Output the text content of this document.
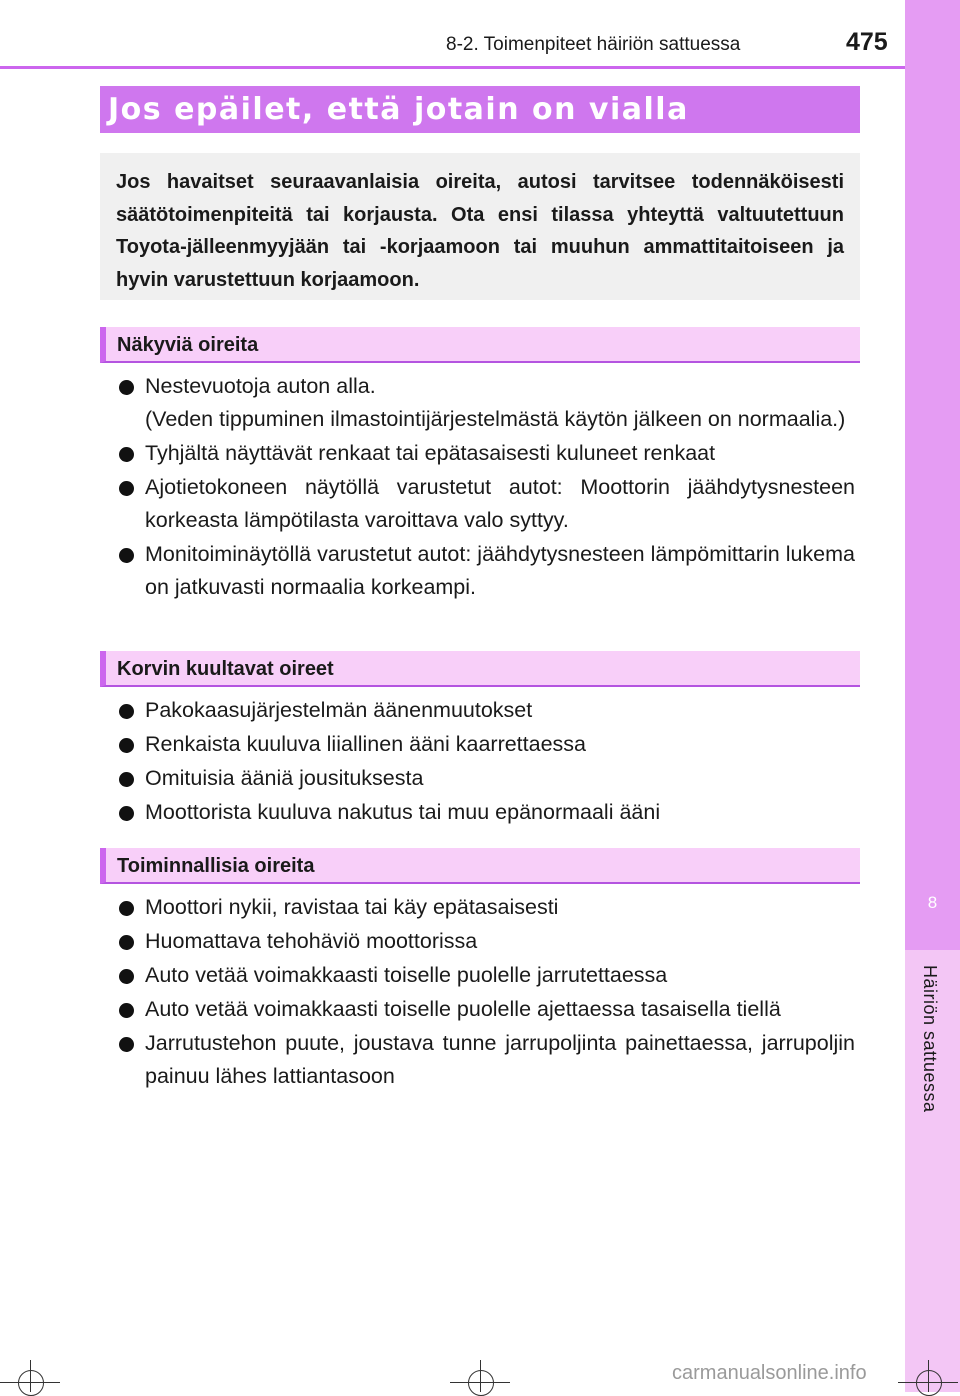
8
Häiriön sattuessa
8-2. Toimenpiteet häiriön sattuessa	475
Jos epäilet, että jotain on vialla
Jos havaitset seuraavanlaisia oireita, autosi tarvitsee todennäköisesti säätötoimenpiteitä tai korjausta. Ota ensi tilassa yhteyttä valtuutettuun Toyota-jälleenmyyjään tai -korjaamoon tai muuhun ammattitaitoiseen ja hyvin varustettuun korjaamoon.
Näkyviä oireita
Nestevuotoja auton alla.
(Veden tippuminen ilmastointijärjestelmästä käytön jälkeen on normaalia.)
Tyhjältä näyttävät renkaat tai epätasaisesti kuluneet renkaat
Ajotietokoneen näytöllä varustetut autot: Moottorin jäähdytysnesteen korkeasta lämpötilasta varoittava valo syttyy.
Monitoiminäytöllä varustetut autot: jäähdytysnesteen lämpömittarin lukema on jatkuvasti normaalia korkeampi.
Korvin kuultavat oireet
Pakokaasujärjestelmän äänenmuutokset
Renkaista kuuluva liiallinen ääni kaarrettaessa
Omituisia ääniä jousituksesta
Moottorista kuuluva nakutus tai muu epänormaali ääni
Toiminnallisia oireita
Moottori nykii, ravistaa tai käy epätasaisesti
Huomattava tehohäviö moottorissa
Auto vetää voimakkaasti toiselle puolelle jarrutettaessa
Auto vetää voimakkaasti toiselle puolelle ajettaessa tasaisella tiellä
Jarrutustehon puute, joustava tunne jarrupoljinta painettaessa, jarrupoljin painuu lähes lattiantasoon
carmanualsonline.info
